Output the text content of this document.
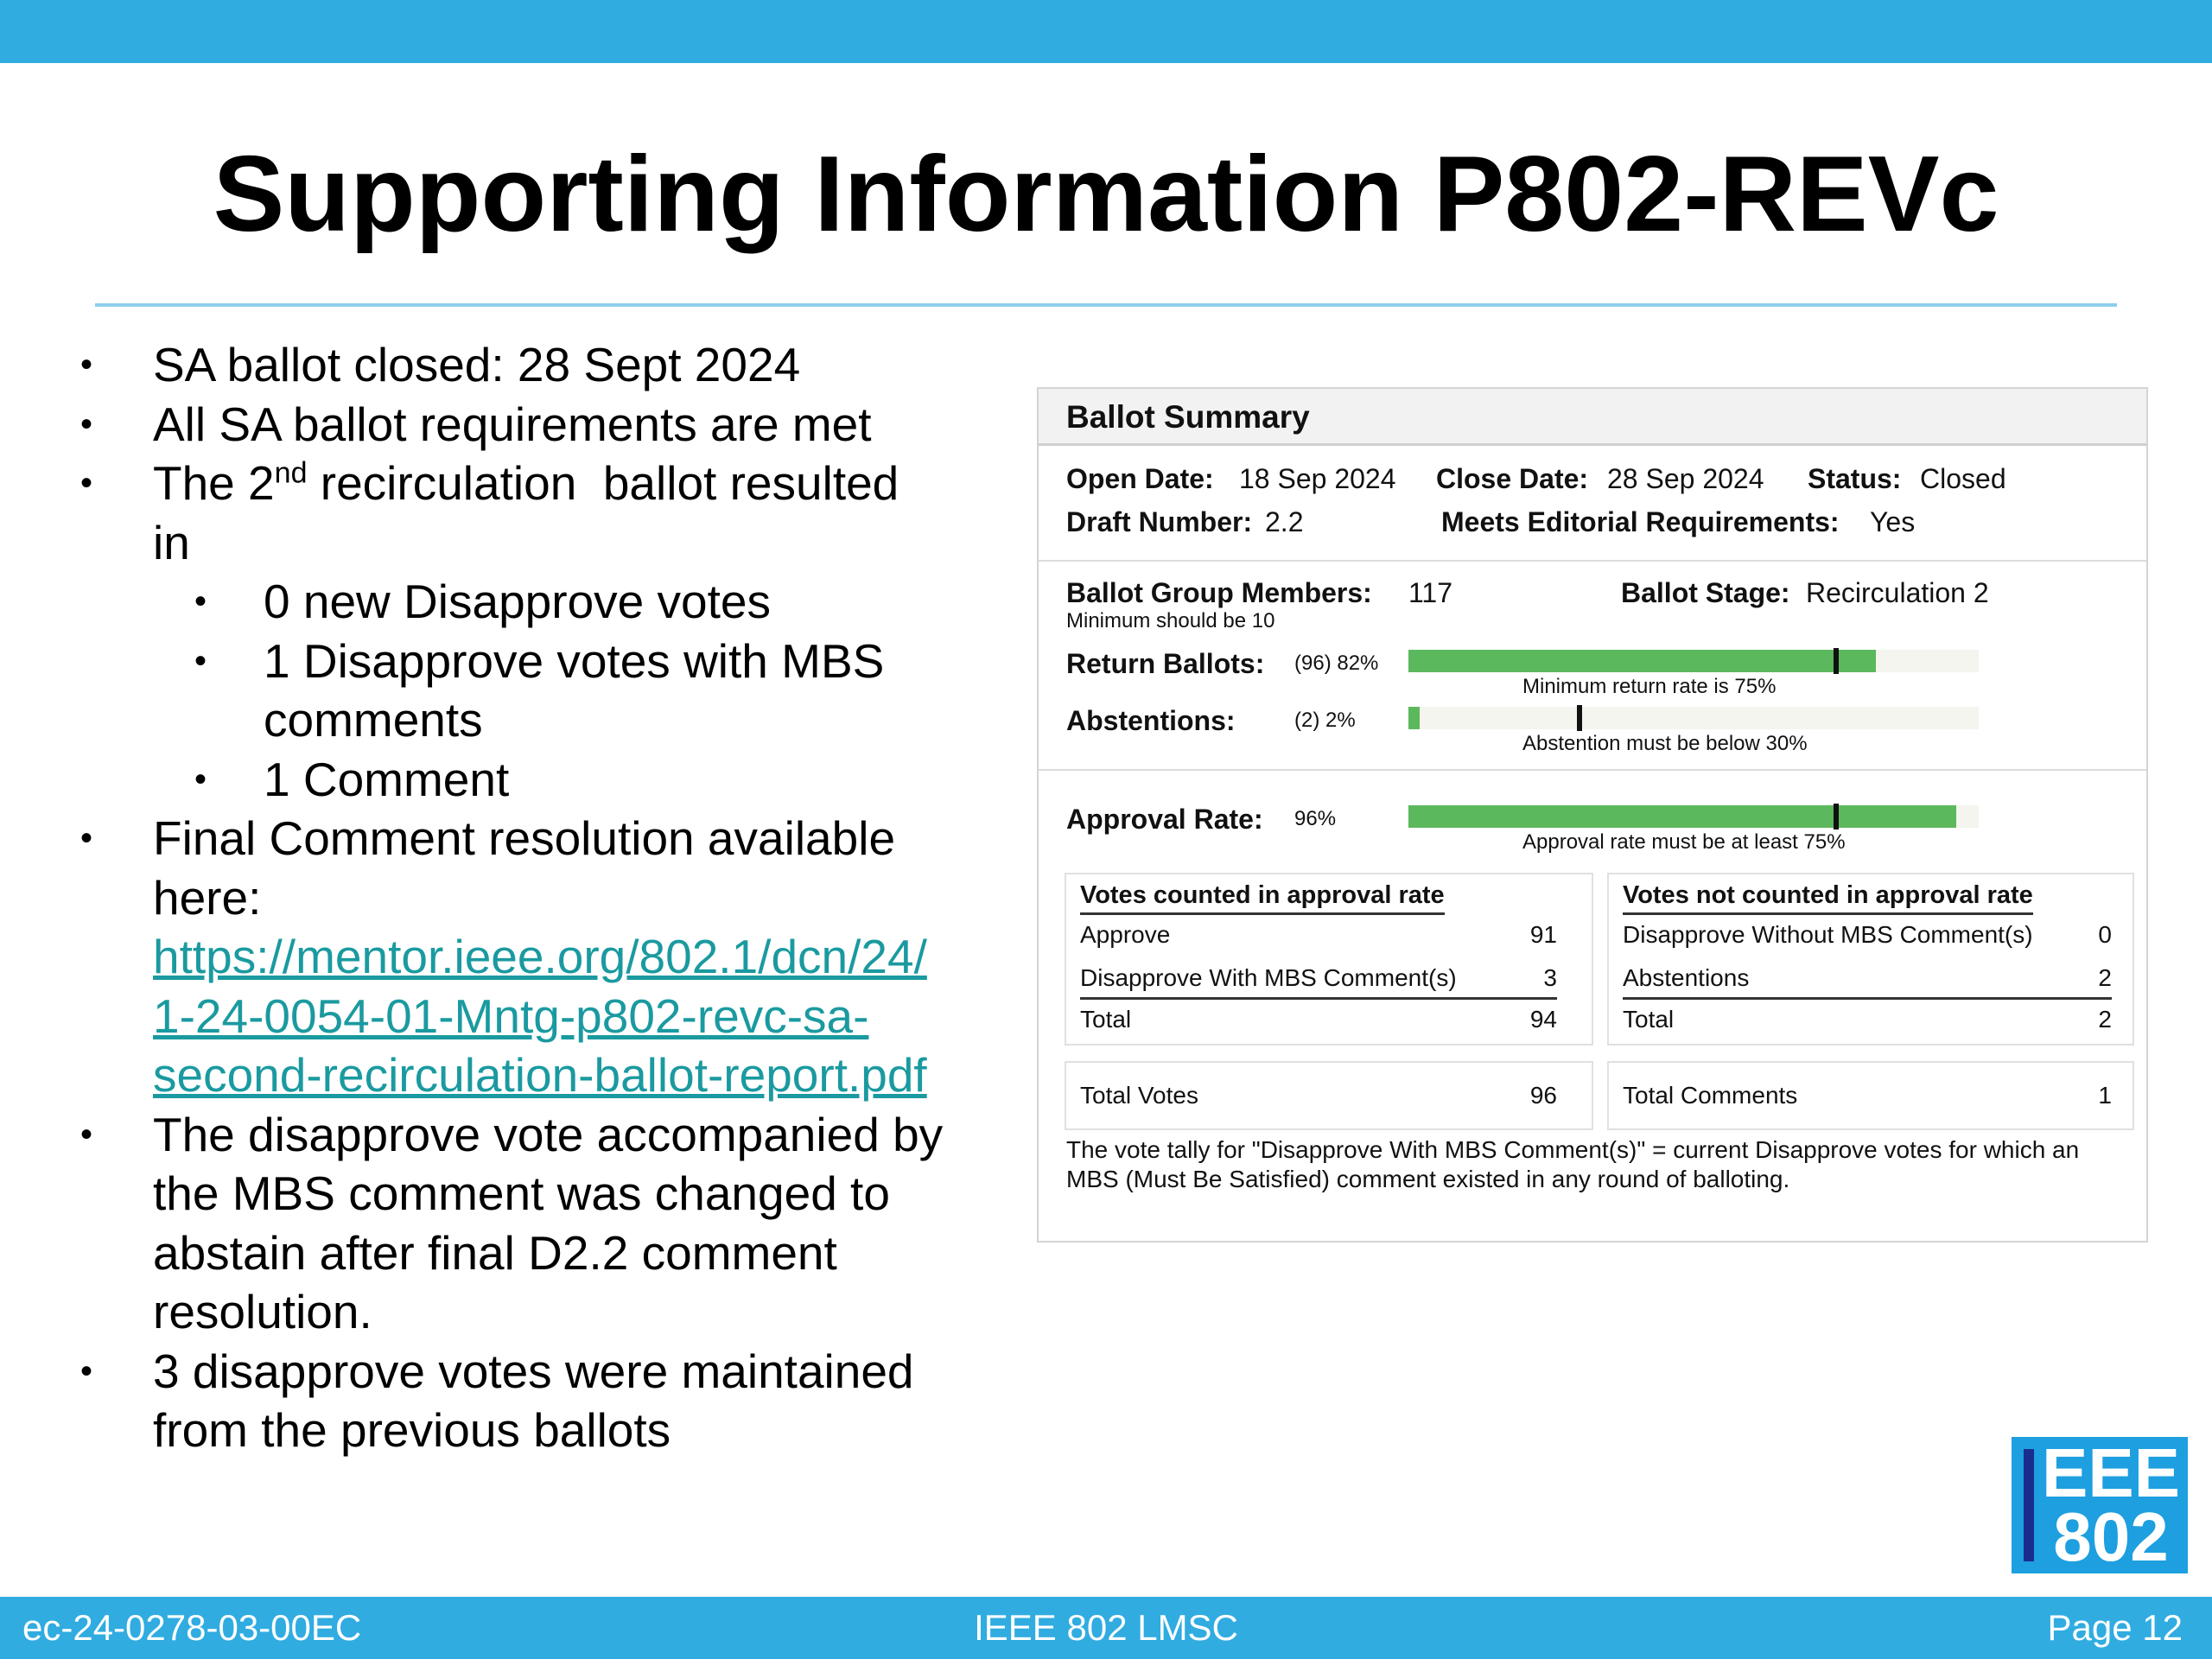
Supporting Information P802-REVc
• SA ballot closed: 28 Sept 2024
• All SA ballot requirements are met
• The 2nd recirculation  ballot resulted
in
• 0 new Disapprove votes
• 1 Disapprove votes with MBS
comments
• 1 Comment
• Final Comment resolution available
here:
https://mentor.ieee.org/802.1/dcn/24/
1-24-0054-01-Mntg-p802-revc-sa-
second-recirculation-ballot-report.pdf
• The disapprove vote accompanied by
the MBS comment was changed to
abstain after final D2.2 comment
resolution.
• 3 disapprove votes were maintained
from the previous ballots
Ballot Summary
Open Date: 18 Sep 2024 Close Date: 28 Sep 2024 Status: Closed
Draft Number: 2.2	Meets Editorial Requirements: Yes
Ballot Group Members: 117
Minimum should be 10
Ballot Stage: Recirculation 2
Return Ballots: (96) 82%
Minimum return rate is 75%
Abstentions:	(2) 2%
Abstention must be below 30%
Approval Rate: 96%
Approval rate must be at least 75%
Votes counted in approval rate
Approve	91
Disapprove With MBS Comment(s)	3
Total	94
Votes not counted in approval rate
Disapprove Without MBS Comment(s)	0
Abstentions	2
Total	2
Total Votes	96	Total Comments	1
The vote tally for "Disapprove With MBS Comment(s)" = current Disapprove votes for which an MBS (Must Be Satisfied) comment existed in any round of balloting.
EEE
802
ec-24-0278-03-00EC	IEEE 802 LMSC	Page 12
